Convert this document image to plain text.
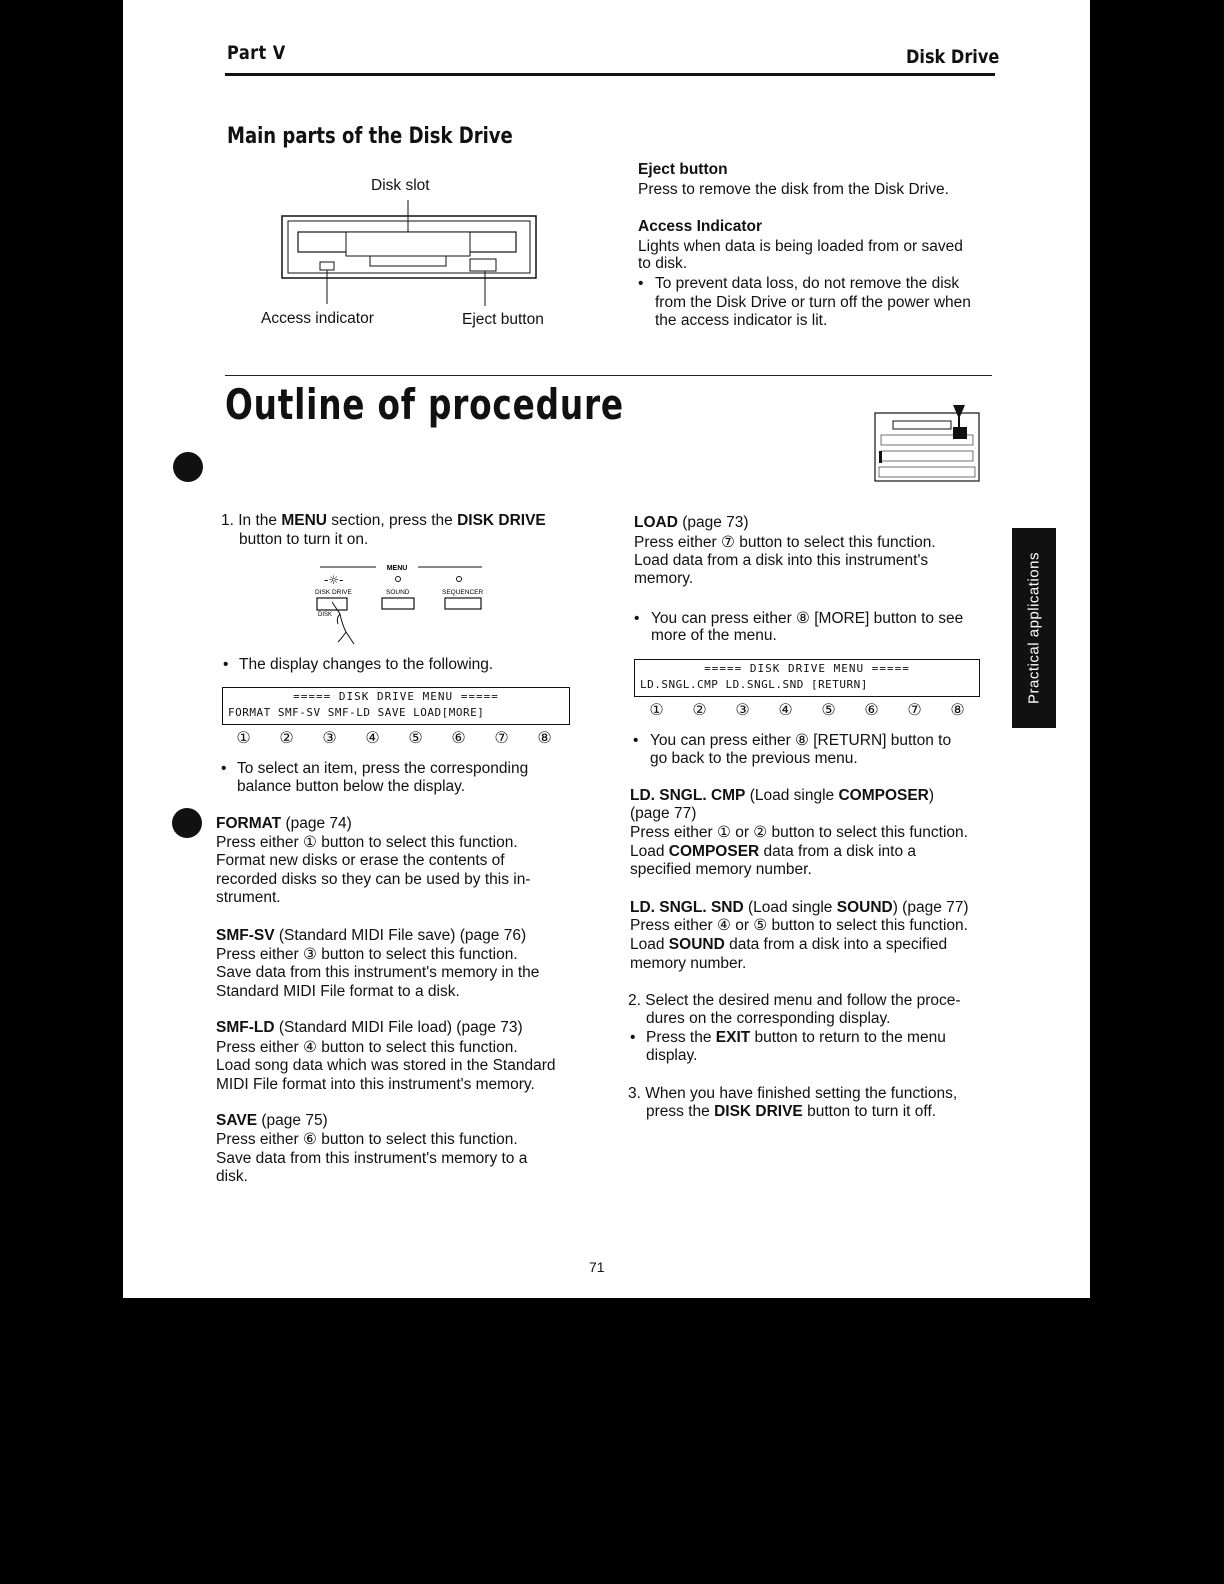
Part V	Disk Drive
Main parts of the Disk Drive
Disk slot
Access indicator	Eject button
Eject button
Press to remove the disk from the Disk Drive.
Access Indicator
Lights when data is being loaded from or saved
to disk.
• To prevent data loss, do not remove the disk
from the Disk Drive or turn off the power when
the access indicator is lit.
Outline of procedure
Practical applications
1. In the MENU section, press the DISK DRIVE
button to turn it on.
MENU
-☼-
DISK DRIVE	SOUND	SEQUENCER
DISK
• The display changes to the following.
===== DISK DRIVE MENU =====
FORMAT SMF-SV SMF-LD SAVE LOAD[MORE]
① ② ③ ④ ⑤ ⑥ ⑦ ⑧
• To select an item, press the corresponding
balance button below the display.
FORMAT (page 74)
Press either ① button to select this function.
Format new disks or erase the contents of
recorded disks so they can be used by this in-
strument.
SMF-SV (Standard MIDI File save) (page 76)
Press either ③ button to select this function.
Save data from this instrument's memory in the
Standard MIDI File format to a disk.
SMF-LD (Standard MIDI File load) (page 73)
Press either ④ button to select this function.
Load song data which was stored in the Standard
MIDI File format into this instrument's memory.
SAVE (page 75)
Press either ⑥ button to select this function.
Save data from this instrument's memory to a
disk.
LOAD (page 73)
Press either ⑦ button to select this function.
Load data from a disk into this instrument's
memory.
• You can press either ⑧ [MORE] button to see
more of the menu.
===== DISK DRIVE MENU =====
LD.SNGL.CMP LD.SNGL.SND [RETURN]
① ② ③ ④ ⑤ ⑥ ⑦ ⑧
• You can press either ⑧ [RETURN] button to
go back to the previous menu.
LD. SNGL. CMP (Load single COMPOSER)
(page 77)
Press either ① or ② button to select this function.
Load COMPOSER data from a disk into a
specified memory number.
LD. SNGL. SND (Load single SOUND) (page 77)
Press either ④ or ⑤ button to select this function.
Load SOUND data from a disk into a specified
memory number.
2. Select the desired menu and follow the proce-
dures on the corresponding display.
• Press the EXIT button to return to the menu
display.
3. When you have finished setting the functions,
press the DISK DRIVE button to turn it off.
71
